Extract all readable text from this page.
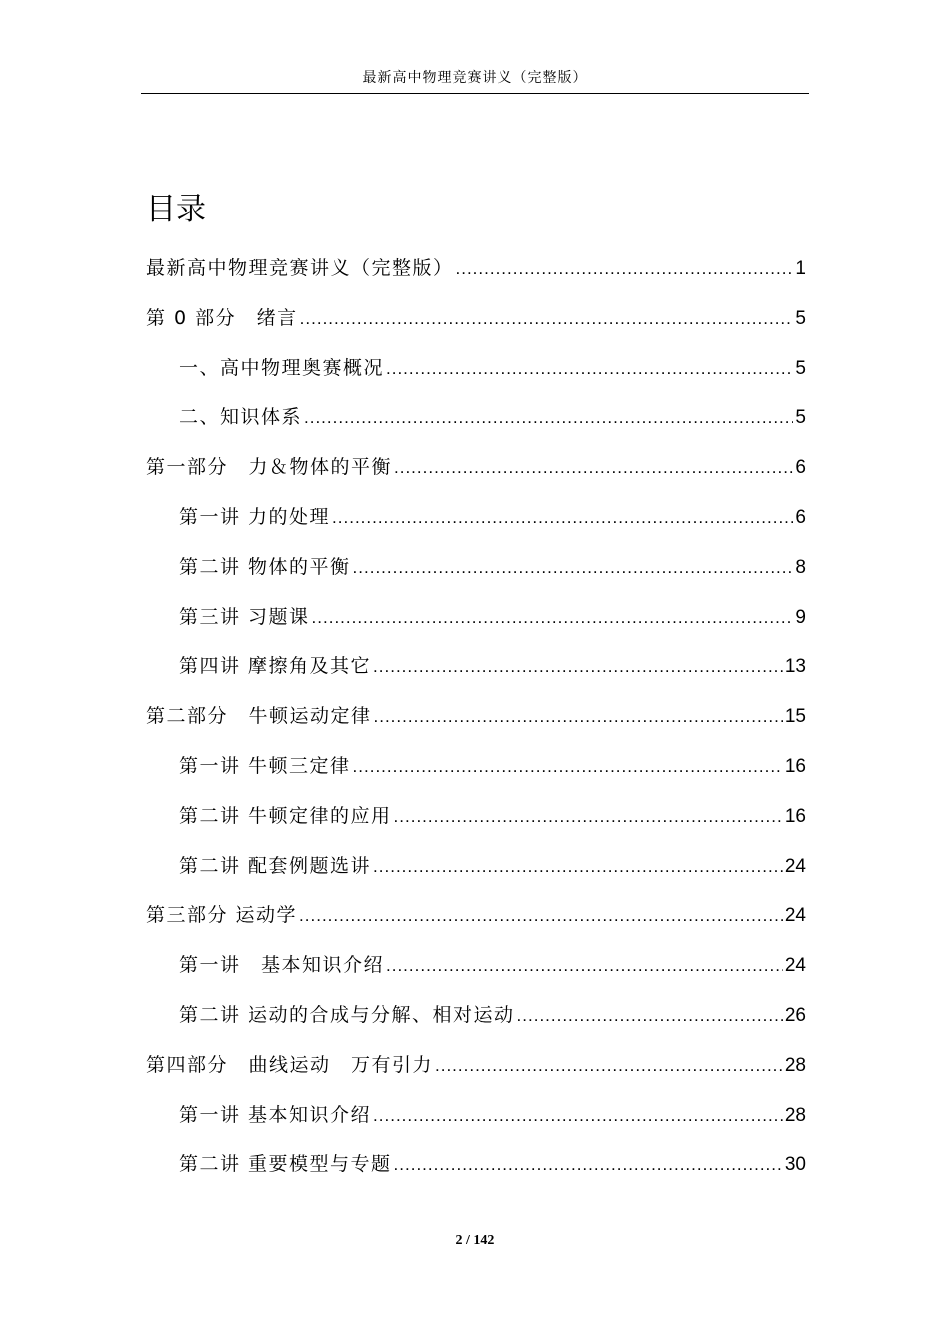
最新高中物理竞赛讲义（完整版）
目录
最新高中物理竞赛讲义（完整版） .....	1
第 0 部分　绪言 .....	5
一、高中物理奥赛概况 .....	5
二、知识体系 .....	5
第一部分　力＆物体的平衡 .....	6
第一讲 力的处理 .....	6
第二讲 物体的平衡 .....	8
第三讲 习题课 .....	9
第四讲 摩擦角及其它 .....	13
第二部分　牛顿运动定律 .....	15
第一讲 牛顿三定律 .....	16
第二讲 牛顿定律的应用 .....	16
第二讲 配套例题选讲 .....	24
第三部分 运动学 .....	24
第一讲　基本知识介绍 .....	24
第二讲 运动的合成与分解、相对运动 .....	26
第四部分　曲线运动　万有引力 .....	28
第一讲 基本知识介绍 .....	28
第二讲 重要模型与专题 .....	30
2 / 142
